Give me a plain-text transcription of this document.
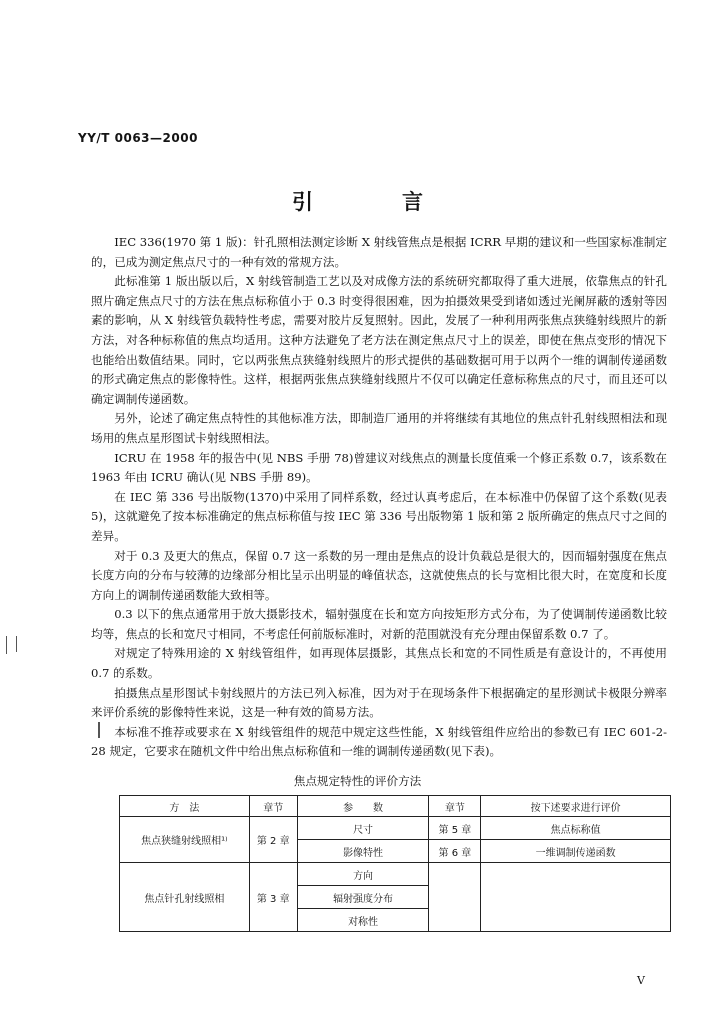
YY/T 0063—2000
引　言

IEC 336(1970 第 1 版)：针孔照相法测定诊断 X 射线管焦点是根据 ICRR 早期的建议和一些国家标准制定的，已成为测定焦点尺寸的一种有效的常规方法。

此标准第 1 版出版以后，X 射线管制造工艺以及对成像方法的系统研究都取得了重大进展，依靠焦点的针孔照片确定焦点尺寸的方法在焦点标称值小于 0.3 时变得很困难，因为拍摄效果受到诸如透过光阑屏蔽的透射等因素的影响，从 X 射线管负载特性考虑，需要对胶片反复照射。因此，发展了一种利用两张焦点狭缝射线照片的新方法，对各种标称值的焦点均适用。这种方法避免了老方法在测定焦点尺寸上的误差，即使在焦点变形的情况下也能给出数值结果。同时，它以两张焦点狭缝射线照片的形式提供的基础数据可用于以两个一维的调制传递函数的形式确定焦点的影像特性。这样，根据两张焦点狭缝射线照片不仅可以确定任意标称焦点的尺寸，而且还可以确定调制传递函数。

另外，论述了确定焦点特性的其他标准方法，即制造厂通用的并将继续有其地位的焦点针孔射线照相法和现场用的焦点星形图试卡射线照相法。

ICRU 在 1958 年的报告中(见 NBS 手册 78)曾建议对线焦点的测量长度值乘一个修正系数 0.7，该系数在 1963 年由 ICRU 确认(见 NBS 手册 89)。

在 IEC 第 336 号出版物(1370)中采用了同样系数，经过认真考虑后，在本标准中仍保留了这个系数(见表 5)，这就避免了按本标准确定的焦点标称值与按 IEC 第 336 号出版物第 1 版和第 2 版所确定的焦点尺寸之间的差异。

对于 0.3 及更大的焦点，保留 0.7 这一系数的另一理由是焦点的设计负载总是很大的，因而辐射强度在焦点长度方向的分布与较薄的边缘部分相比呈示出明显的峰值状态，这就使焦点的长与宽相比很大时，在宽度和长度方向上的调制传递函数能大致相等。

0.3 以下的焦点通常用于放大摄影技术，辐射强度在长和宽方向按矩形方式分布，为了使调制传递函数比较均等，焦点的长和宽尺寸相同，不考虑任何前版标准时，对新的范围就没有充分理由保留系数 0.7 了。

对规定了特殊用途的 X 射线管组件，如再现体层摄影，其焦点长和宽的不同性质是有意设计的，不再使用 0.7 的系数。

拍摄焦点星形图试卡射线照片的方法已列入标准，因为对于在现场条件下根据确定的星形测试卡极限分辨率来评价系统的影像特性来说，这是一种有效的简易方法。

本标准不推荐或要求在 X 射线管组件的规范中规定这些性能，X 射线管组件应给出的参数已有 IEC 601-2-28 规定，它要求在随机文件中给出焦点标称值和一维的调制传递函数(见下表)。

焦点规定特性的评价方法
方　法	章节	参　　数	章节	按下述要求进行评价
焦点狭缝射线照相¹⁾	第 2 章	尺寸	第 5 章	焦点标称值
		影像特性	第 6 章	一维调制传递函数
焦点针孔射线照相	第 3 章	方向		
		辐射强度分布		
		对称性		
Ⅴ
